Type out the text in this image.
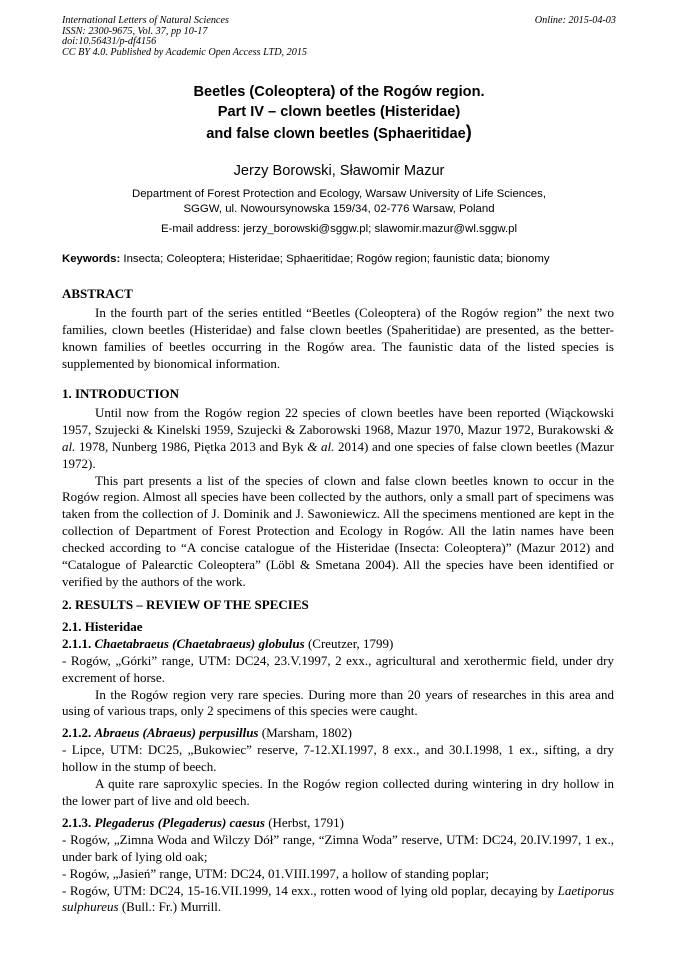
International Letters of Natural Sciences
ISSN: 2300-9675, Vol. 37, pp 10-17
doi:10.56431/p-df4156
CC BY 4.0. Published by Academic Open Access LTD, 2015
Online: 2015-04-03
Beetles (Coleoptera) of the Rogów region.
Part IV – clown beetles (Histeridae)
and false clown beetles (Sphaeritidae)
Jerzy Borowski, Sławomir Mazur
Department of Forest Protection and Ecology, Warsaw University of Life Sciences,
SGGW, ul. Nowoursynowska 159/34, 02-776 Warsaw, Poland
E-mail address: jerzy_borowski@sggw.pl; slawomir.mazur@wl.sggw.pl
Keywords: Insecta; Coleoptera; Histeridae; Sphaeritidae; Rogów region; faunistic data; bionomy

ABSTRACT

In the fourth part of the series entitled “Beetles (Coleoptera) of the Rogów region” the next two families, clown beetles (Histeridae) and false clown beetles (Spaheritidae) are presented, as the better-known families of beetles occurring in the Rogów area. The faunistic data of the listed species is supplemented by bionomical information.

1. INTRODUCTION

Until now from the Rogów region 22 species of clown beetles have been reported (Wiąckowski 1957, Szujecki & Kinelski 1959, Szujecki & Zaborowski 1968, Mazur 1970, Mazur 1972, Burakowski & al. 1978, Nunberg 1986, Piętka 2013 and Byk & al. 2014) and one species of false clown beetles (Mazur 1972).

This part presents a list of the species of clown and false clown beetles known to occur in the Rogów region. Almost all species have been collected by the authors, only a small part of specimens was taken from the collection of J. Dominik and J. Sawoniewicz. All the specimens mentioned are kept in the collection of Department of Forest Protection and Ecology in Rogów. All the latin names have been checked according to “A concise catalogue of the Histeridae (Insecta: Coleoptera)” (Mazur 2012) and “Catalogue of Palearctic Coleoptera” (Löbl & Smetana 2004). All the species have been identified or verified by the authors of the work.

2. RESULTS – REVIEW OF THE SPECIES

2.1. Histeridae

2.1.1. Chaetabraeus (Chaetabraeus) globulus (Creutzer, 1799)

- Rogów, „Górki” range, UTM: DC24, 23.V.1997, 2 exx., agricultural and xerothermic field, under dry excrement of horse.

In the Rogów region very rare species. During more than 20 years of researches in this area and using of various traps, only 2 specimens of this species were caught.

2.1.2. Abraeus (Abraeus) perpusillus (Marsham, 1802)

- Lipce, UTM: DC25, „Bukowiec” reserve, 7-12.XI.1997, 8 exx., and 30.I.1998, 1 ex., sifting, a dry hollow in the stump of beech.

A quite rare saproxylic species. In the Rogów region collected during wintering in dry hollow in the lower part of live and old beech.

2.1.3. Plegaderus (Plegaderus) caesus (Herbst, 1791)

- Rogów, „Zimna Woda and Wilczy Dół” range, “Zimna Woda” reserve, UTM: DC24, 20.IV.1997, 1 ex., under bark of lying old oak;

- Rogów, „Jasień” range, UTM: DC24, 01.VIII.1997, a hollow of standing poplar;

- Rogów, UTM: DC24, 15-16.VII.1999, 14 exx., rotten wood of lying old poplar, decaying by Laetiporus sulphureus (Bull.: Fr.) Murrill.
